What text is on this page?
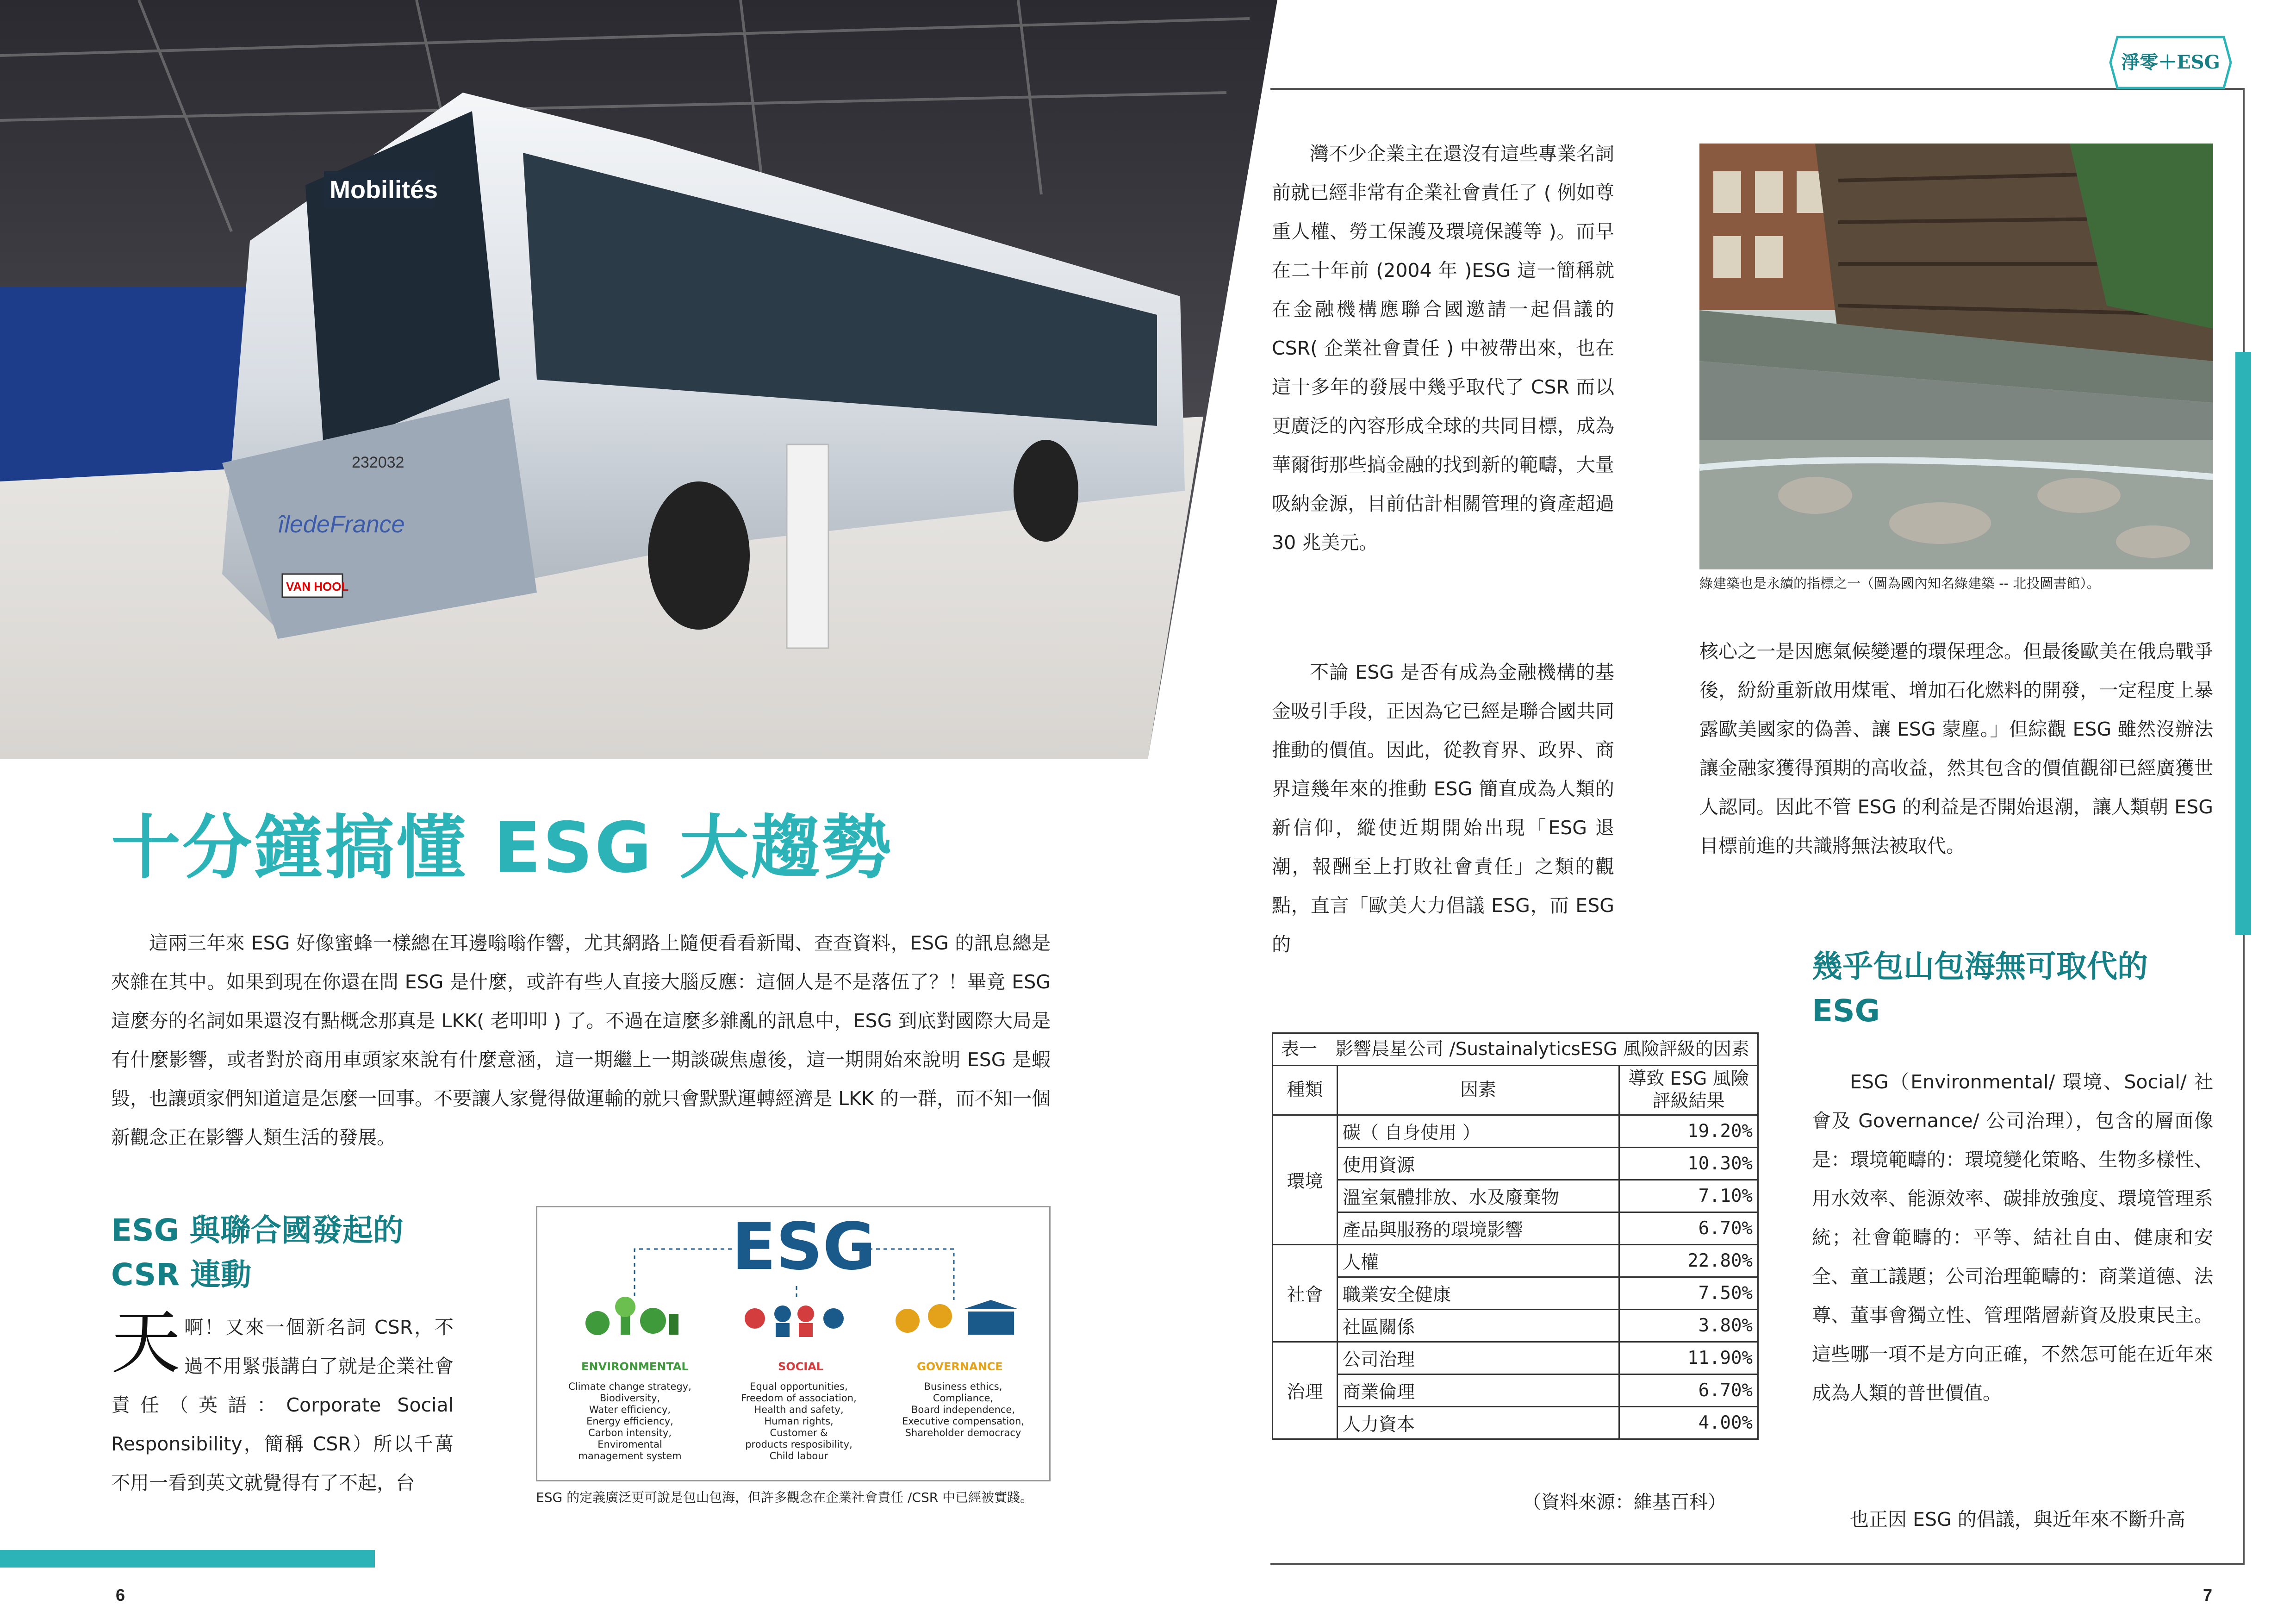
Mobilités
îledeFrance
232032
VAN HOOL
淨零＋ESG
6	7
十分鐘搞懂 ESG 大趨勢
這兩三年來 ESG 好像蜜蜂一樣總在耳邊嗡嗡作響，尤其網路上隨便看看新聞、查查資料，ESG 的訊息總是夾雜在其中。如果到現在你還在問 ESG 是什麼，或許有些人直接大腦反應：這個人是不是落伍了？！畢竟 ESG 這麼夯的名詞如果還沒有點概念那真是 LKK( 老叩叩 ) 了。不過在這麼多雜亂的訊息中，ESG 到底對國際大局是有什麼影響，或者對於商用車頭家來說有什麼意涵，這一期繼上一期談碳焦慮後，這一期開始來說明 ESG 是蝦毀，也讓頭家們知道這是怎麼一回事。不要讓人家覺得做運輸的就只會默默運轉經濟是 LKK 的一群，而不知一個新觀念正在影響人類生活的發展。
ESG 與聯合國發起的
CSR 連動
天啊！又來一個新名詞 CSR，不過不用緊張講白了就是企業社會責任（英語：Corporate Social Responsibility，簡稱 CSR）所以千萬不用一看到英文就覺得有了不起，台
ESG
ENVIRONMENTAL	SOCIAL	GOVERNANCE
Climate change strategy,
Biodiversity,
Water efficiency,
Energy efficiency,
Carbon intensity,
Enviromental
management system
Equal opportunities,
Freedom of association,
Health and safety,
Human rights,
Customer &
products resposibility,
Child labour
Business ethics,
Compliance,
Board independence,
Executive compensation,
Shareholder democracy
ESG 的定義廣泛更可說是包山包海，但許多觀念在企業社會責任 /CSR 中已經被實踐。
灣不少企業主在還沒有這些專業名詞前就已經非常有企業社會責任了 ( 例如尊重人權、勞工保護及環境保護等 )。而早在二十年前 (2004 年 )ESG 這一簡稱就在金融機構應聯合國邀請一起倡議的 CSR( 企業社會責任 ) 中被帶出來，也在這十多年的發展中幾乎取代了 CSR 而以更廣泛的內容形成全球的共同目標，成為華爾街那些搞金融的找到新的範疇，大量吸納金源，目前估計相關管理的資產超過 30 兆美元。
不論 ESG 是否有成為金融機構的基金吸引手段，正因為它已經是聯合國共同推動的價值。因此，從教育界、政界、商界這幾年來的推動 ESG 簡直成為人類的新信仰，縱使近期開始出現「ESG 退潮，報酬至上打敗社會責任」之類的觀點，直言「歐美大力倡議 ESG，而 ESG 的
表一　影響晨星公司 /SustainalyticsESG 風險評級的因素		
種類	因素	導致 ESG 風險評級結果
環境	碳（ 自身使用 ）	19.20%
	使用資源	10.30%
	溫室氣體排放、水及廢棄物	7.10%
	產品與服務的環境影響	6.70%
社會	人權	22.80%
	職業安全健康	7.50%
	社區關係	3.80%
治理	公司治理	11.90%
	商業倫理	6.70%
	人力資本	4.00%
（資料來源：維基百科）
綠建築也是永續的指標之一（圖為國內知名綠建築 -- 北投圖書館）。
核心之一是因應氣候變遷的環保理念。但最後歐美在俄烏戰爭後，紛紛重新啟用煤電、增加石化燃料的開發，一定程度上暴露歐美國家的偽善、讓 ESG 蒙塵。」但綜觀 ESG 雖然沒辦法讓金融家獲得預期的高收益，然其包含的價值觀卻已經廣獲世人認同。因此不管 ESG 的利益是否開始退潮，讓人類朝 ESG 目標前進的共識將無法被取代。
幾乎包山包海無可取代的
ESG
ESG（Environmental/ 環境、Social/ 社會及 Governance/ 公司治理），包含的層面像是：環境範疇的：環境變化策略、生物多樣性、用水效率、能源效率、碳排放強度、環境管理系統；社會範疇的：平等、結社自由、健康和安全、童工議題；公司治理範疇的：商業道德、法尊、董事會獨立性、管理階層薪資及股東民主。這些哪一項不是方向正確，不然怎可能在近年來成為人類的普世價值。
也正因 ESG 的倡議，與近年來不斷升高
